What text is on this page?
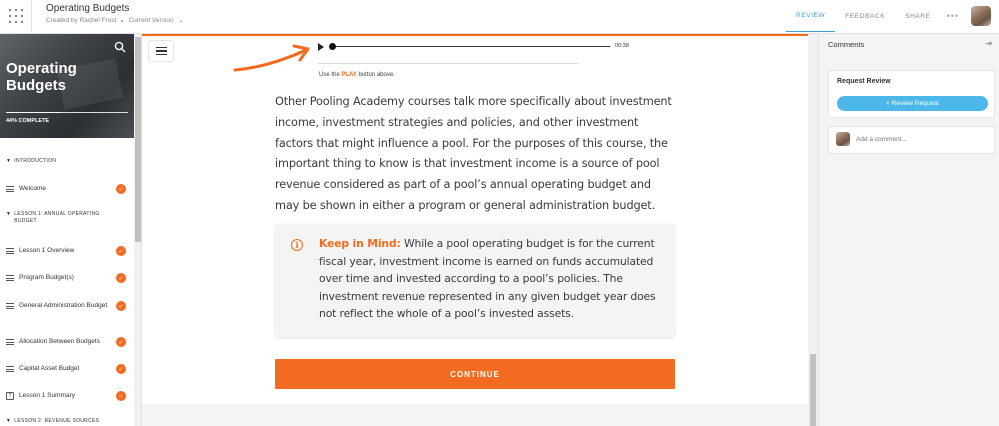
Operating Budgets
Created by Rachel Frost Current Version ⌄
REVIEW	FEEDBACK	SHARE	•••
Operating Budgets
44% COMPLETE
▼ INTRODUCTION
Welcome	✓
▼ LESSON 1: ANNUAL OPERATING BUDGET
Lesson 1 Overview	✓
Program Budget(s)	✓
General Administration Budget	✓
Allocation Between Budgets	✓
Capital Asset Budget	✓
?	Lesson 1 Summary	✓
▼ LESSON 2: REVENUE SOURCES
00:38
Use the PLAY button above.

Other Pooling Academy courses talk more specifically about investment income, investment strategies and policies, and other investment factors that might influence a pool. For the purposes of this course, the important thing to know is that investment income is a source of pool revenue considered as part of a pool’s annual operating budget and may be shown in either a program or general administration budget.

i	Keep in Mind: While a pool operating budget is for the current fiscal year, investment income is earned on funds accumulated over time and invested according to a pool’s policies. The investment revenue represented in any given budget year does not reflect the whole of a pool’s invested assets.
CONTINUE
Comments	⇥
Request Review
+ Review Request
Add a comment...
